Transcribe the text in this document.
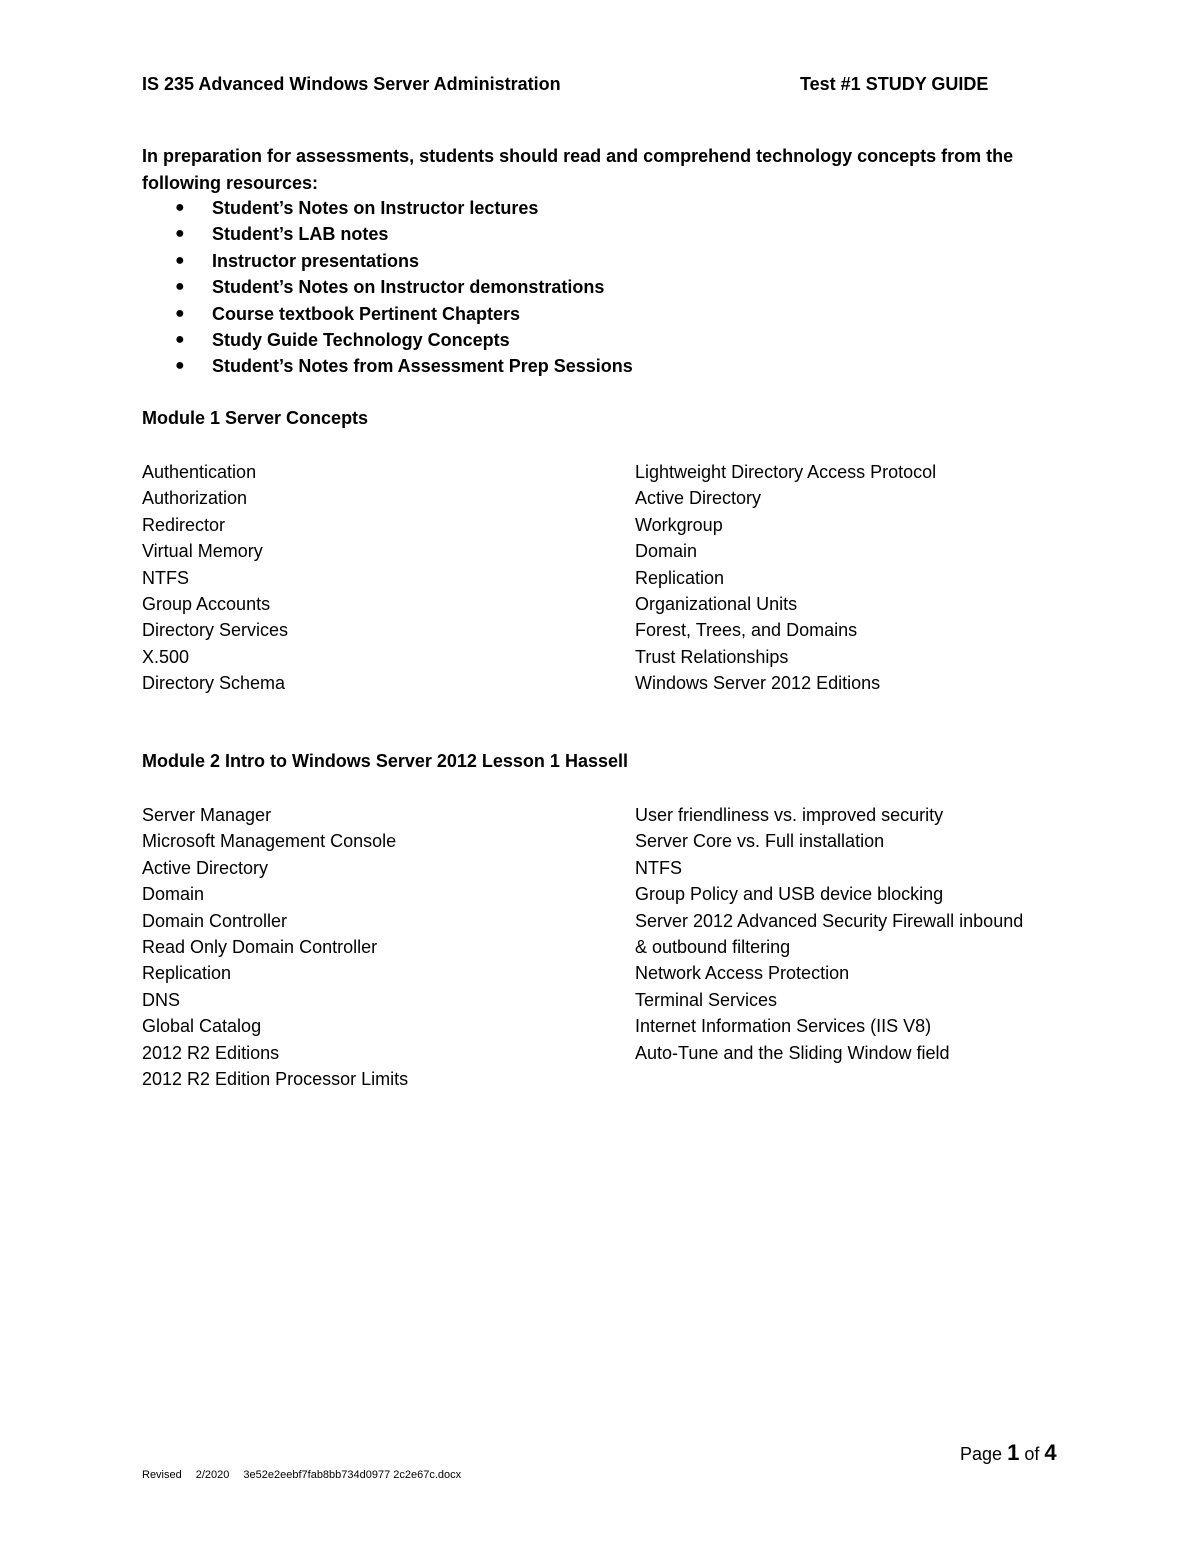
IS 235 Advanced Windows Server Administration	Test #1 STUDY GUIDE

In preparation for assessments, students should read and comprehend technology concepts from the following resources:

● Student’s Notes on Instructor lectures
● Student’s LAB notes
● Instructor presentations
● Student’s Notes on Instructor demonstrations
● Course textbook Pertinent Chapters
● Study Guide Technology Concepts
● Student’s Notes from Assessment Prep Sessions
Module 1 Server Concepts
Authentication
Authorization
Redirector
Virtual Memory
NTFS
Group Accounts
Directory Services
X.500
Directory Schema
Lightweight Directory Access Protocol
Active Directory
Workgroup
Domain
Replication
Organizational Units
Forest, Trees, and Domains
Trust Relationships
Windows Server 2012 Editions
Module 2 Intro to Windows Server 2012 Lesson 1 Hassell
Server Manager
Microsoft Management Console
Active Directory
Domain
Domain Controller
Read Only Domain Controller
Replication
DNS
Global Catalog
2012 R2 Editions
2012 R2 Edition Processor Limits
User friendliness vs. improved security
Server Core vs. Full installation
NTFS
Group Policy and USB device blocking
Server 2012 Advanced Security Firewall inbound
& outbound filtering
Network Access Protection
Terminal Services
Internet Information Services (IIS V8)
Auto-Tune and the Sliding Window field
Page 1 of 4
Revised 2/2020 3e52e2eebf7fab8bb734d0977 2c2e67c.docx
